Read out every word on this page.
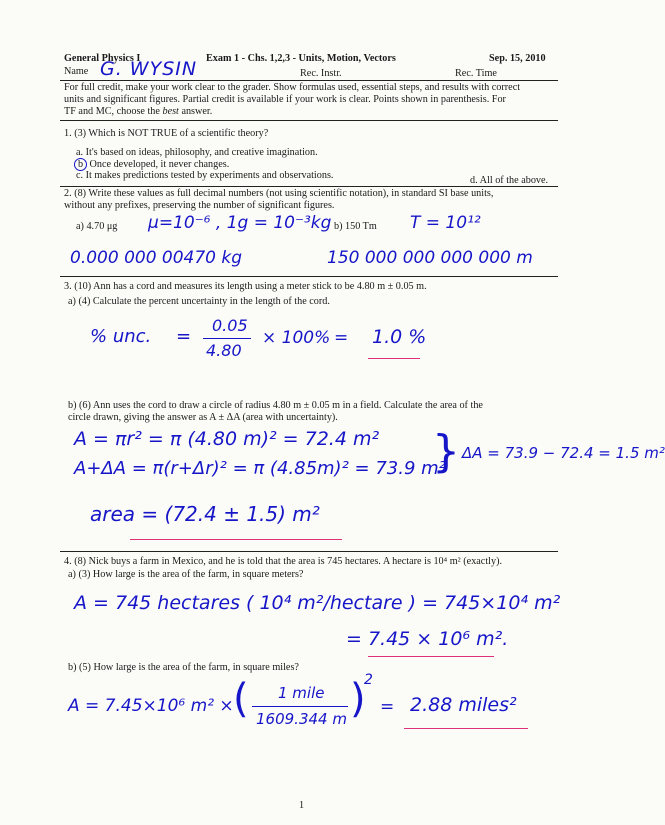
General Physics I	Exam 1 - Chs. 1,2,3 - Units, Motion, Vectors	Sep. 15, 2010
Name G. WYSIN	Rec. Instr.	Rec. Time
For full credit, make your work clear to the grader. Show formulas used, essential steps, and results with correct
units and significant figures. Partial credit is available if your work is clear. Points shown in parenthesis. For
TF and MC, choose the best answer.
1. (3) Which is NOT TRUE of a scientific theory?
a. It's based on ideas, philosophy, and creative imagination.
b Once developed, it never changes.
c. It makes predictions tested by experiments and observations.	d. All of the above.
2. (8) Write these values as full decimal numbers (not using scientific notation), in standard SI base units,
without any prefixes, preserving the number of significant figures.
a) 4.70 μg μ=10⁻⁶ , 1g = 10⁻³kg b) 150 Tm T = 10¹²
0.000 000 00470 kg	150 000 000 000 000 m
3. (10) Ann has a cord and measures its length using a meter stick to be 4.80 m ± 0.05 m.
a) (4) Calculate the percent uncertainty in the length of the cord.
% unc. =
0.05
4.80
× 100% = 1.0 %
b) (6) Ann uses the cord to draw a circle of radius 4.80 m ± 0.05 m in a field. Calculate the area of the
circle drawn, giving the answer as A ± ΔA (area with uncertainty).
A = πr² = π (4.80 m)² = 72.4 m²
A+ΔA = π(r+Δr)² = π (4.85m)² = 73.9 m²
} ΔA = 73.9 − 72.4 = 1.5 m²
area = (72.4 ± 1.5) m²
4. (8) Nick buys a farm in Mexico, and he is told that the area is 745 hectares. A hectare is 10⁴ m² (exactly).
a) (3) How large is the area of the farm, in square meters?
A = 745 hectares ( 10⁴ m²/hectare ) = 745×10⁴ m²
= 7.45 × 10⁶ m².
b) (5) How large is the area of the farm, in square miles?
A = 7.45×10⁶ m² × ( 1 mile
1609.344 m )
2
= 2.88 miles²
1
